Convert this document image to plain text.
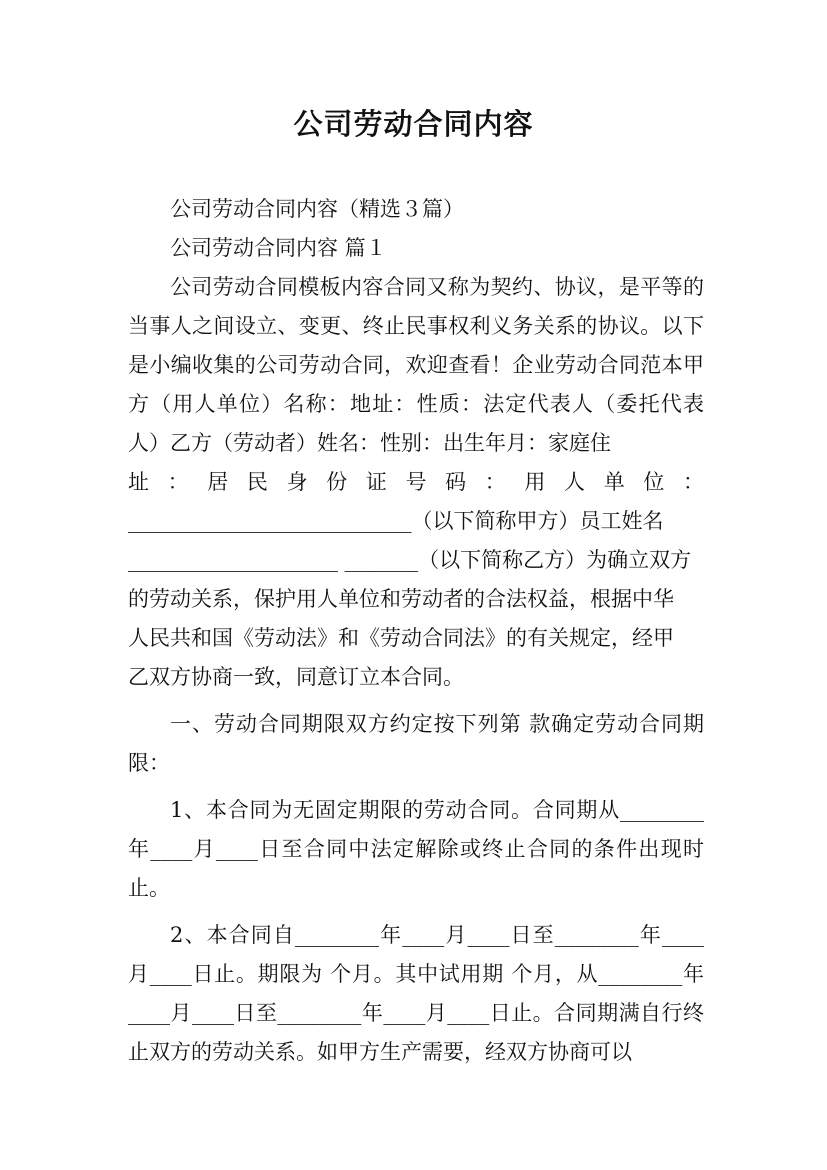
公司劳动合同内容

公司劳动合同内容（精选３篇）

公司劳动合同内容 篇１

公司劳动合同模板内容合同又称为契约、协议，是平等的当事人之间设立、变更、终止民事权利义务关系的协议。以下是小编收集的公司劳动合同，欢迎查看！企业劳动合同范本甲方（用人单位）名称：地址：性质：法定代表人（委托代表人）乙方（劳动者）姓名：性别：出生年月：家庭住

址 ： 居 民 身 份 证 号 码 ： 用 人 单 位 ：
___________________________（以下简称甲方）员工姓名
____________________ _______（以下简称乙方）为确立双方
的劳动关系，保护用人单位和劳动者的合法权益，根据中华
人民共和国《劳动法》和《劳动合同法》的有关规定，经甲
乙双方协商一致，同意订立本合同。

一、劳动合同期限双方约定按下列第 款确定劳动合同期限：

1、本合同为无固定期限的劳动合同。合同期从________年____月____日至合同中法定解除或终止合同的条件出现时止。

2、本合同自________年____月____日至________年____月____日止。期限为 个月。其中试用期 个月，从________年____月____日至________年____月____日止。合同期满自行终止双方的劳动关系。如甲方生产需要，经双方协商可以
